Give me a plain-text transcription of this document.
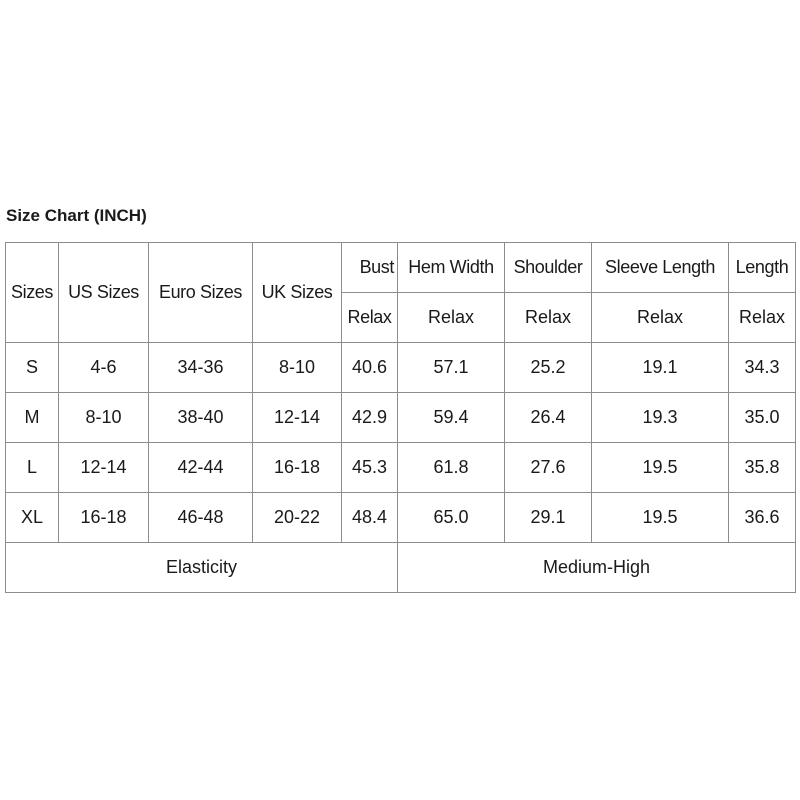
Size Chart (INCH)
Sizes	US Sizes	Euro Sizes	UK Sizes	Bust	Hem Width	Shoulder	Sleeve Length	Length
				Relax	Relax	Relax	Relax	Relax
S	4-6	34-36	8-10	40.6	57.1	25.2	19.1	34.3
M	8-10	38-40	12-14	42.9	59.4	26.4	19.3	35.0
L	12-14	42-44	16-18	45.3	61.8	27.6	19.5	35.8
XL	16-18	46-48	20-22	48.4	65.0	29.1	19.5	36.6
Elasticity					Medium-High			
